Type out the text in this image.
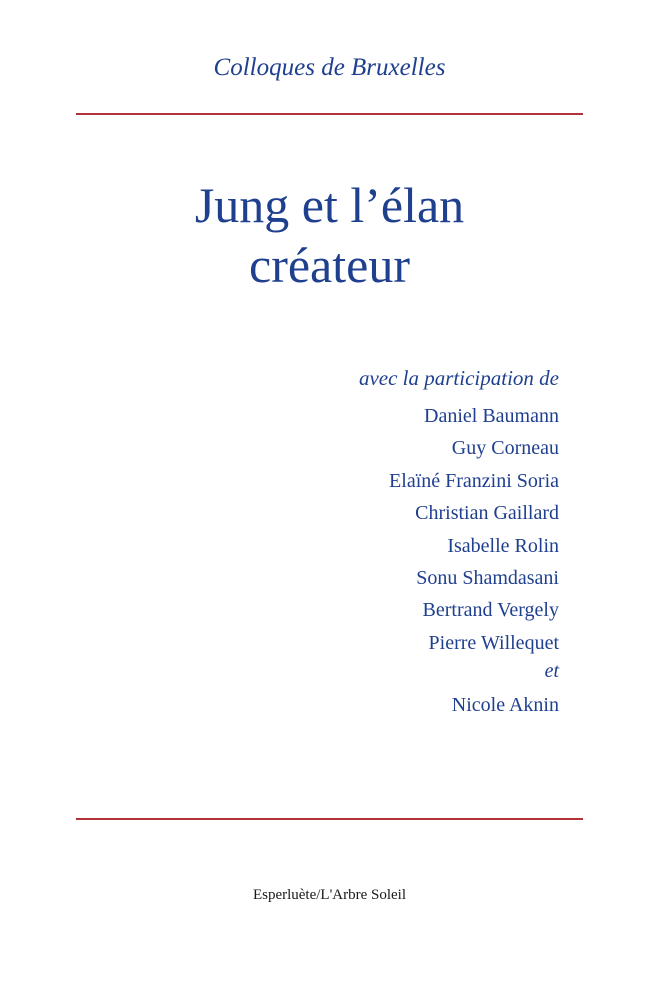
Colloques de Bruxelles
Jung et l’élan
créateur
avec la participation de
Daniel Baumann
Guy Corneau
Elaïné Franzini Soria
Christian Gaillard
Isabelle Rolin
Sonu Shamdasani
Bertrand Vergely
Pierre Willequet
et
Nicole Aknin
Esperluète/L'Arbre Soleil
